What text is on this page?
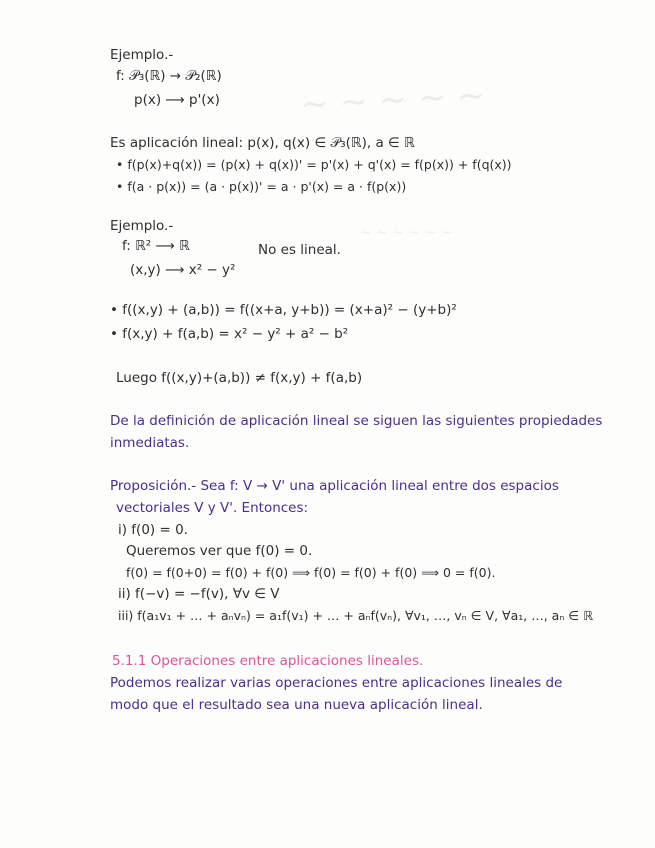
~ ~ ~ ~ ~
~ ~ ~ ~ ~ ~
Ejemplo.-
f: 𝒫₃(ℝ) → 𝒫₂(ℝ)
p(x) ⟶ p'(x)
Es aplicación lineal: p(x), q(x) ∈ 𝒫₃(ℝ), a ∈ ℝ
• f(p(x)+q(x)) = (p(x) + q(x))' = p'(x) + q'(x) = f(p(x)) + f(q(x))
• f(a · p(x)) = (a · p(x))' = a · p'(x) = a · f(p(x))
Ejemplo.-
f: ℝ² ⟶ ℝ	No es lineal.
(x,y) ⟶ x² − y²
• f((x,y) + (a,b)) = f((x+a, y+b)) = (x+a)² − (y+b)²
• f(x,y) + f(a,b) = x² − y² + a² − b²
Luego f((x,y)+(a,b)) ≠ f(x,y) + f(a,b)
De la definición de aplicación lineal se siguen las siguientes propiedades
inmediatas.
Proposición.- Sea f: V → V' una aplicación lineal entre dos espacios
vectoriales V y V'. Entonces:
i) f(0) = 0.
Queremos ver que f(0) = 0.
f(0) = f(0+0) = f(0) + f(0) ⟹ f(0) = f(0) + f(0) ⟹ 0 = f(0).
ii) f(−v) = −f(v), ∀v ∈ V
iii) f(a₁v₁ + … + aₙvₙ) = a₁f(v₁) + … + aₙf(vₙ), ∀v₁, …, vₙ ∈ V, ∀a₁, …, aₙ ∈ ℝ
5.1.1 Operaciones entre aplicaciones lineales.
Podemos realizar varias operaciones entre aplicaciones lineales de
modo que el resultado sea una nueva aplicación lineal.
